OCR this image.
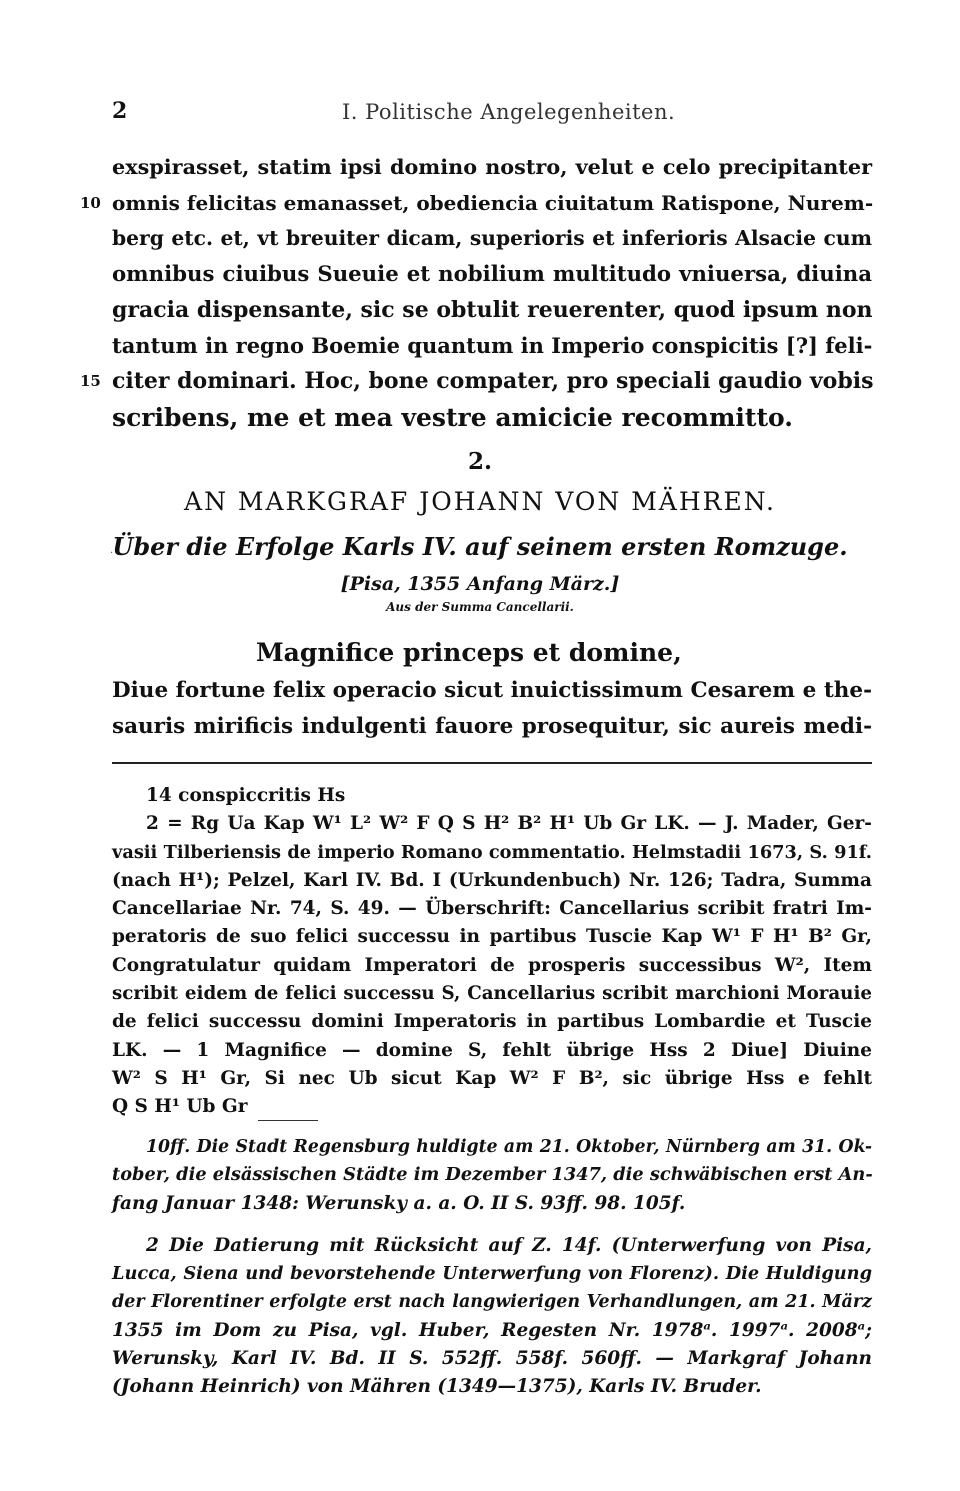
2	I. Politische Angelegenheiten.
exspirasset, statim ipsi domino nostro, velut e celo precipitanter
10 omnis felicitas emanasset, obediencia ciuitatum Ratispone, Nurem-
berg etc. et, vt breuiter dicam, superioris et inferioris Alsacie cum
omnibus ciuibus Sueuie et nobilium multitudo vniuersa, diuina
gracia dispensante, sic se obtulit reuerenter, quod ipsum non
tantum in regno Boemie quantum in Imperio conspicitis [?] feli-
15 citer dominari. Hoc, bone compater, pro speciali gaudio vobis
scribens, me et mea vestre amicicie recommitto.
2.
AN MARKGRAF JOHANN VON MÄHREN.
· Über die Erfolge Karls IV. auf seinem ersten Romzuge.
[Pisa, 1355 Anfang März.]
Aus der Summa Cancellarii.
Magnifice princeps et domine,
Diue fortune felix operacio sicut inuictissimum Cesarem e the-
sauris mirificis indulgenti fauore prosequitur, sic aureis medi-
14 conspiccritis Hs
2 = Rg Ua Kap W¹ L² W² F Q S H² B² H¹ Ub Gr LK. — J. Mader, Ger-
vasii Tilberiensis de imperio Romano commentatio. Helmstadii 1673, S. 91f.
(nach H¹); Pelzel, Karl IV. Bd. I (Urkundenbuch) Nr. 126; Tadra, Summa
Cancellariae Nr. 74, S. 49. — Überschrift: Cancellarius scribit fratri Im-
peratoris de suo felici successu in partibus Tuscie Kap W¹ F H¹ B² Gr,
Congratulatur quidam Imperatori de prosperis successibus W², Item
scribit eidem de felici successu S, Cancellarius scribit marchioni Morauie
de felici successu domini Imperatoris in partibus Lombardie et Tuscie
LK. — 1 Magnifice — domine S, fehlt übrige Hss 2 Diue] Diuine
W² S H¹ Gr, Si nec Ub sicut Kap W² F B², sic übrige Hss e fehlt
Q S H¹ Ub Gr
10ff. Die Stadt Regensburg huldigte am 21. Oktober, Nürnberg am 31. Ok-
tober, die elsässischen Städte im Dezember 1347, die schwäbischen erst An-
fang Januar 1348: Werunsky a. a. O. II S. 93ff. 98. 105f.
2 Die Datierung mit Rücksicht auf Z. 14f. (Unterwerfung von Pisa,
Lucca, Siena und bevorstehende Unterwerfung von Florenz). Die Huldigung
der Florentiner erfolgte erst nach langwierigen Verhandlungen, am 21. März
1355 im Dom zu Pisa, vgl. Huber, Regesten Nr. 1978ᵃ. 1997ᵃ. 2008ᵃ;
Werunsky, Karl IV. Bd. II S. 552ff. 558f. 560ff. — Markgraf Johann
(Johann Heinrich) von Mähren (1349—1375), Karls IV. Bruder.
